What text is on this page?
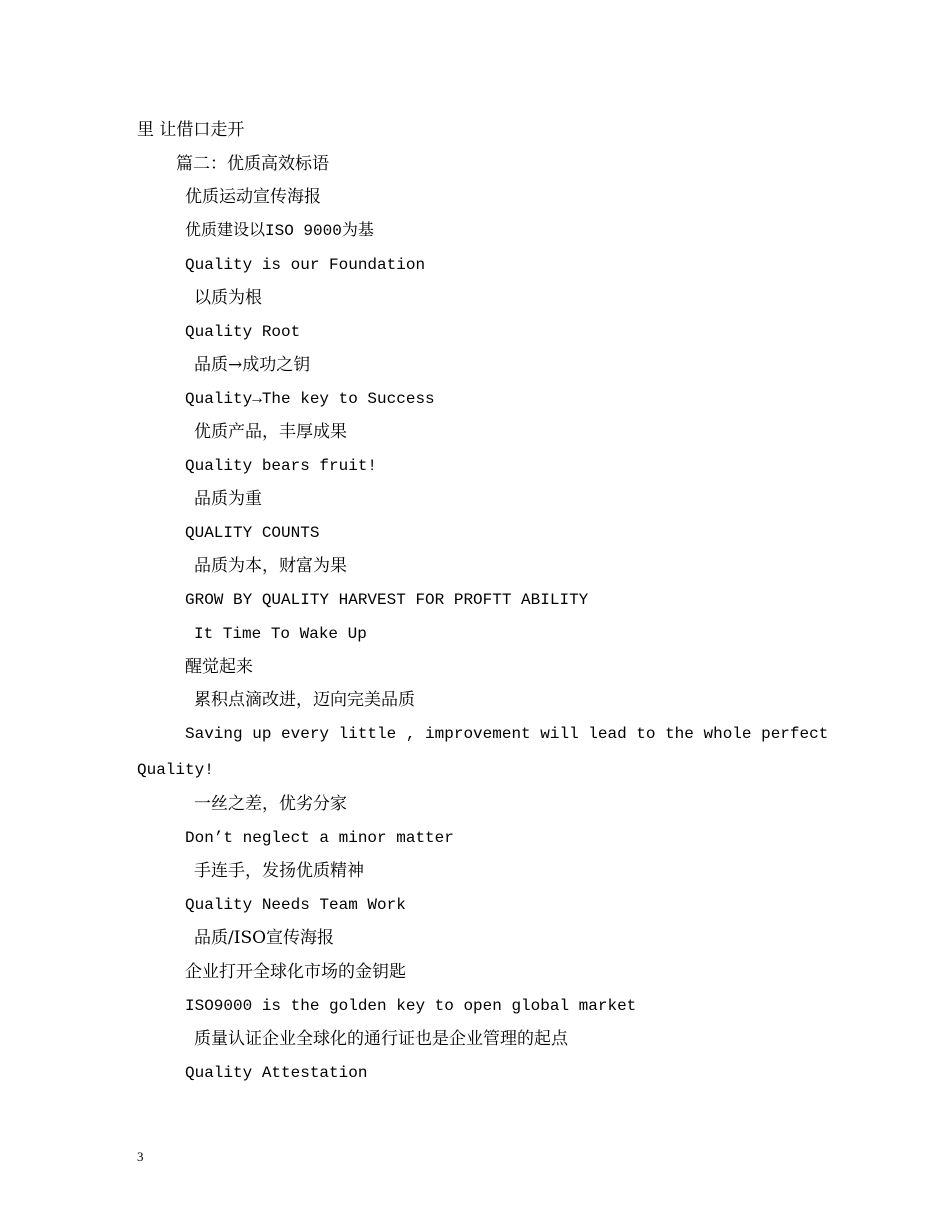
里 让借口走开
篇二：优质高效标语
优质运动宣传海报
优质建设以ISO 9000为基
Quality is our Foundation
以质为根
Quality Root
品质→成功之钥
Quality→The key to Success
优质产品，丰厚成果
Quality bears fruit!
品质为重
QUALITY COUNTS
品质为本，财富为果
GROW BY QUALITY HARVEST FOR PROFTT ABILITY
It Time To Wake Up
醒觉起来
累积点滴改进，迈向完美品质
Saving up every little , improvement will lead to the whole perfect
Quality!
一丝之差，优劣分家
Don’t neglect a minor matter
手连手，发扬优质精神
Quality Needs Team Work
品质/ISO宣传海报
企业打开全球化市场的金钥匙
ISO9000 is the golden key to open global market
质量认证企业全球化的通行证也是企业管理的起点
Quality Attestation
3
